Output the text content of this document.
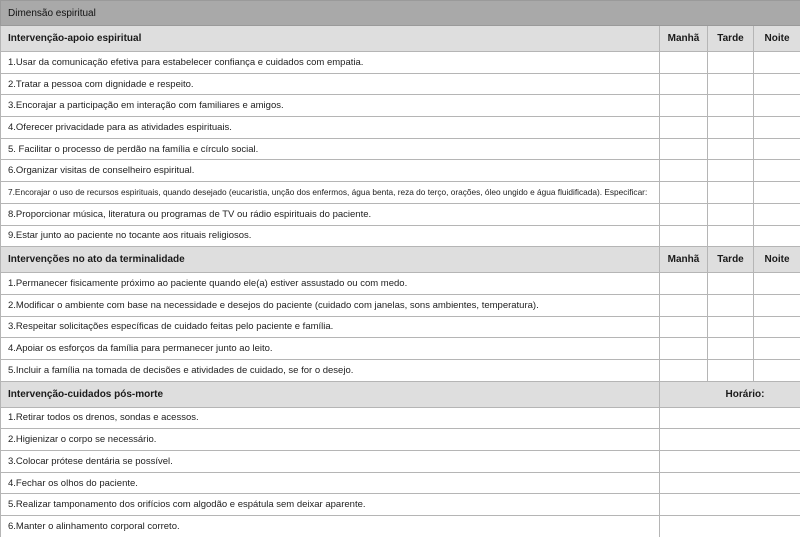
Dimensão espiritual			
Intervenção-apoio espiritual	Manhã	Tarde	Noite
1.Usar da comunicação efetiva para estabelecer confiança e cuidados com empatia.			
2.Tratar a pessoa com dignidade e respeito.			
3.Encorajar a participação em interação com familiares e amigos.			
4.Oferecer privacidade para as atividades espirituais.			
5. Facilitar o processo de perdão na família e círculo social.			
6.Organizar visitas de conselheiro espiritual.			
7.Encorajar o uso de recursos espirituais, quando desejado (eucaristia, unção dos enfermos, água benta, reza do terço, orações, óleo ungido e água fluidificada). Especificar:			
8.Proporcionar música, literatura ou programas de TV ou rádio espirituais do paciente.			
9.Estar junto ao paciente no tocante aos rituais religiosos.			
Intervenções no ato da terminalidade	Manhã	Tarde	Noite
1.Permanecer fisicamente próximo ao paciente quando ele(a) estiver assustado ou com medo.			
2.Modificar o ambiente com base na necessidade e desejos do paciente (cuidado com janelas, sons ambientes, temperatura).			
3.Respeitar solicitações específicas de cuidado feitas pelo paciente e família.			
4.Apoiar os esforços da família para permanecer junto ao leito.			
5.Incluir a família na tomada de decisões e atividades de cuidado, se for o desejo.			
Intervenção-cuidados pós-morte	Horário:		
1.Retirar todos os drenos, sondas e acessos.			
2.Higienizar o corpo se necessário.			
3.Colocar prótese dentária se possível.			
4.Fechar os olhos do paciente.			
5.Realizar tamponamento dos orifícios com algodão e espátula sem deixar aparente.			
6.Manter o alinhamento corporal correto.			
